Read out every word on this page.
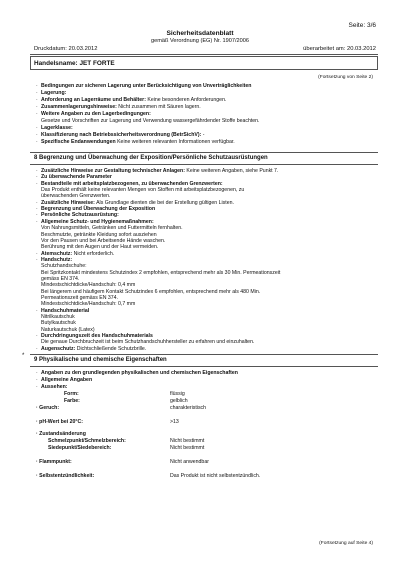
Seite: 3/6
Sicherheitsdatenblatt
gemäß Verordnung (EG) Nr. 1907/2006
Druckdatum: 20.03.2012	überarbeitet am: 20.03.2012
Handelsname: JET FORTE
(Fortsetzung von Seite 2)
· Bedingungen zur sicheren Lagerung unter Berücksichtigung von Unverträglichkeiten
· Lagerung:
· Anforderung an Lagerräume und Behälter: Keine besonderen Anforderungen.
· Zusammenlagerungshinweise: Nicht zusammen mit Säuren lagern.
· Weitere Angaben zu den Lagerbedingungen:
Gesetze und Vorschriften zur Lagerung und Verwendung wassergefährdender Stoffe beachten.
· Lagerklasse:
· Klassifizierung nach Betriebssicherheitsverordnung (BetrSichV): -
· Spezifische Endanwendungen Keine weiteren relevanten Informationen verfügbar.
8 Begrenzung und Überwachung der Exposition/Persönliche Schutzausrüstungen
· Zusätzliche Hinweise zur Gestaltung technischer Anlagen: Keine weiteren Angaben, siehe Punkt 7.
· Zu überwachende Parameter
· Bestandteile mit arbeitsplatzbezogenen, zu überwachenden Grenzwerten:
Das Produkt enthält keine relevanten Mengen von Stoffen mit arbeitsplatzbezogenen, zu
überwachenden Grenzwerten.
· Zusätzliche Hinweise: Als Grundlage dienten die bei der Erstellung gültigen Listen.
· Begrenzung und Überwachung der Exposition
· Persönliche Schutzausrüstung:
· Allgemeine Schutz- und Hygienemaßnahmen:
Von Nahrungsmitteln, Getränken und Futtermitteln fernhalten.
Beschmutzte, getränkte Kleidung sofort ausziehen
Vor den Pausen und bei Arbeitsende Hände waschen.
Berührung mit den Augen und der Haut vermeiden.
· Atemschutz: Nicht erforderlich.
· Handschutz:
Schutzhandschuhe:
Bei Spritzkontakt mindestens Schutzindex 2 empfohlen, entsprechend mehr als 30 Min. Permeationszeit
gemäss EN 374.
Mindestschichtdicke/Handschuh: 0,4 mm
Bei längerem und häufigem Kontakt Schutzindex 6 empfohlen, entsprechend mehr als 480 Min.
Permeationszeit gemäss EN 374.
Mindestschichtdicke/Handschuh: 0,7 mm
· Handschuhmaterial
Nitrilkautschuk
Butylkautschuk
Naturkautschuk (Latex)
· Durchdringungszeit des Handschuhmaterials
Die genaue Durchbruchzeit ist beim Schutzhandschuhhersteller zu erfahren und einzuhalten.
· Augenschutz: Dichtschließende Schutzbrille.
*
9 Physikalische und chemische Eigenschaften
· Angaben zu den grundlegenden physikalischen und chemischen Eigenschaften
· Allgemeine Angaben
· Aussehen:
Form:	flüssig
Farbe:	gelblich
· Geruch:	charakteristisch
· pH-Wert bei 20°C:	>13
· Zustandsänderung
Schmelzpunkt/Schmelzbereich:	Nicht bestimmt
Siedepunkt/Siedebereich:	Nicht bestimmt
· Flammpunkt:	Nicht anwendbar
· Selbstentzündlichkeit:	Das Produkt ist nicht selbstentzündlich.
(Fortsetzung auf Seite 4)
